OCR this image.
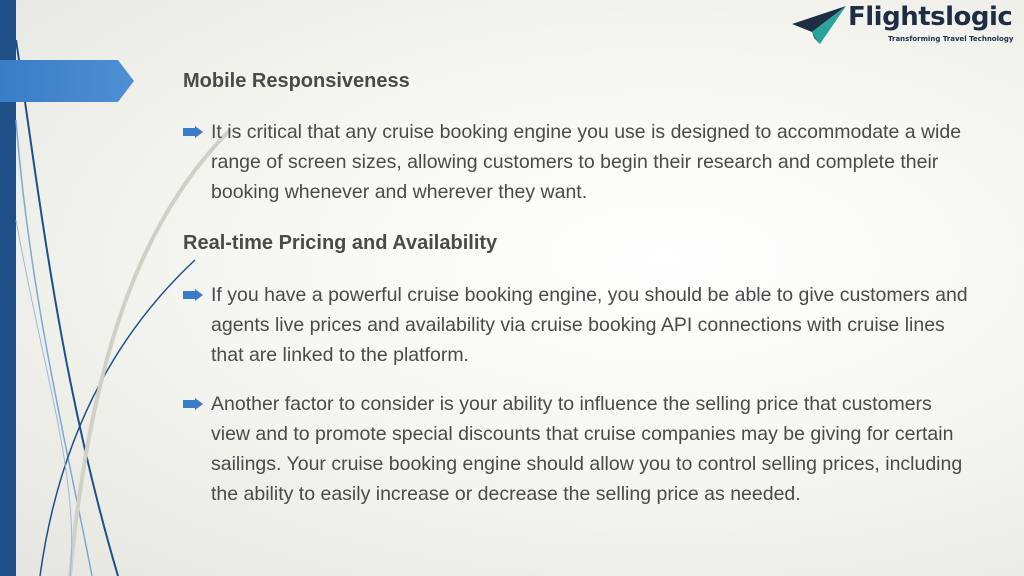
Flightslogic
Transforming Travel Technology
Mobile Responsiveness
It is critical that any cruise booking engine you use is designed to accommodate a wide range of screen sizes, allowing customers to begin their research and complete their booking whenever and wherever they want.
Real-time Pricing and Availability
If you have a powerful cruise booking engine, you should be able to give customers and agents live prices and availability via cruise booking API connections with cruise lines that are linked to the platform.
Another factor to consider is your ability to influence the selling price that customers view and to promote special discounts that cruise companies may be giving for certain sailings. Your cruise booking engine should allow you to control selling prices, including the ability to easily increase or decrease the selling price as needed.
